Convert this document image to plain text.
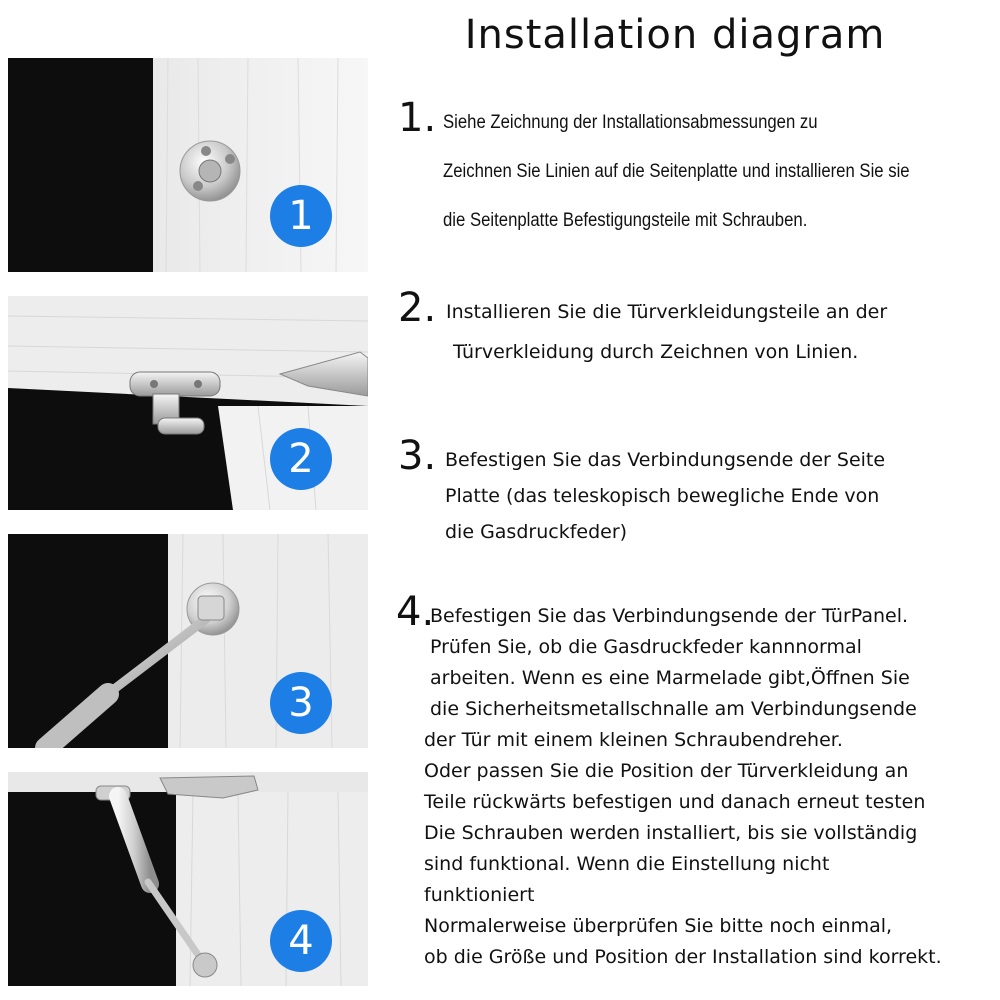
Installation diagram
1
2
3
4
1. Siehe Zeichnung der Installationsabmessungen zu
Zeichnen Sie Linien auf die Seitenplatte und installieren Sie sie
die Seitenplatte Befestigungsteile mit Schrauben.
2. Installieren Sie die Türverkleidungsteile an der
Türverkleidung durch Zeichnen von Linien.
3. Befestigen Sie das Verbindungsende der Seite
Platte (das teleskopisch bewegliche Ende von
die Gasdruckfeder)
4.
Befestigen Sie das Verbindungsende der TürPanel.
Prüfen Sie, ob die Gasdruckfeder kannnormal
arbeiten. Wenn es eine Marmelade gibt,Öffnen Sie
die Sicherheitsmetallschnalle am Verbindungsende
der Tür mit einem kleinen Schraubendreher.
Oder passen Sie die Position der Türverkleidung an
Teile rückwärts befestigen und danach erneut testen
Die Schrauben werden installiert, bis sie vollständig
sind funktional. Wenn die Einstellung nicht
funktioniert
Normalerweise überprüfen Sie bitte noch einmal,
ob die Größe und Position der Installation sind korrekt.
